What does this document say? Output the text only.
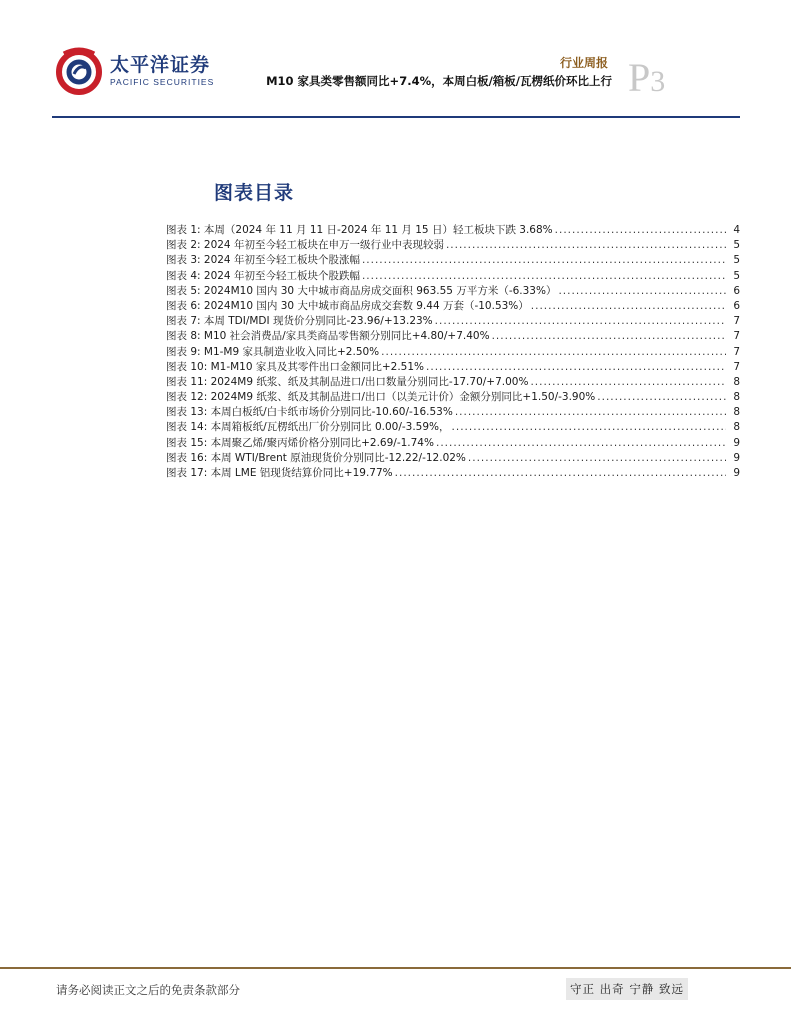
太平洋证券
PACIFIC SECURITIES
行业周报
M10 家具类零售额同比+7.4%，本周白板/箱板/瓦楞纸价环比上行 P3
图表目录
图表 1: 本周（2024 年 11 月 11 日-2024 年 11 月 15 日）轻工板块下跌 3.68% .....	4
图表 2: 2024 年初至今轻工板块在申万一级行业中表现较弱 .....	5
图表 3: 2024 年初至今轻工板块个股涨幅 .....	5
图表 4: 2024 年初至今轻工板块个股跌幅 .....	5
图表 5: 2024M10 国内 30 大中城市商品房成交面积 963.55 万平方米（-6.33%） .....	6
图表 6: 2024M10 国内 30 大中城市商品房成交套数 9.44 万套（-10.53%） .....	6
图表 7: 本周 TDI/MDI 现货价分别同比-23.96/+13.23% .....	7
图表 8: M10 社会消费品/家具类商品零售额分别同比+4.80/+7.40% .....	7
图表 9: M1-M9 家具制造业收入同比+2.50% .....	7
图表 10: M1-M10 家具及其零件出口金额同比+2.51% .....	7
图表 11: 2024M9 纸浆、纸及其制品进口/出口数量分别同比-17.70/+7.00% .....	8
图表 12: 2024M9 纸浆、纸及其制品进口/出口（以美元计价）金额分别同比+1.50/-3.90% .....	8
图表 13: 本周白板纸/白卡纸市场价分别同比-10.60/-16.53% .....	8
图表 14: 本周箱板纸/瓦楞纸出厂价分别同比 0.00/-3.59%， .....	8
图表 15: 本周聚乙烯/聚丙烯价格分别同比+2.69/-1.74% .....	9
图表 16: 本周 WTI/Brent 原油现货价分别同比-12.22/-12.02% .....	9
图表 17: 本周 LME 铝现货结算价同比+19.77% .....	9
请务必阅读正文之后的免责条款部分	守正 出奇 宁静 致远
